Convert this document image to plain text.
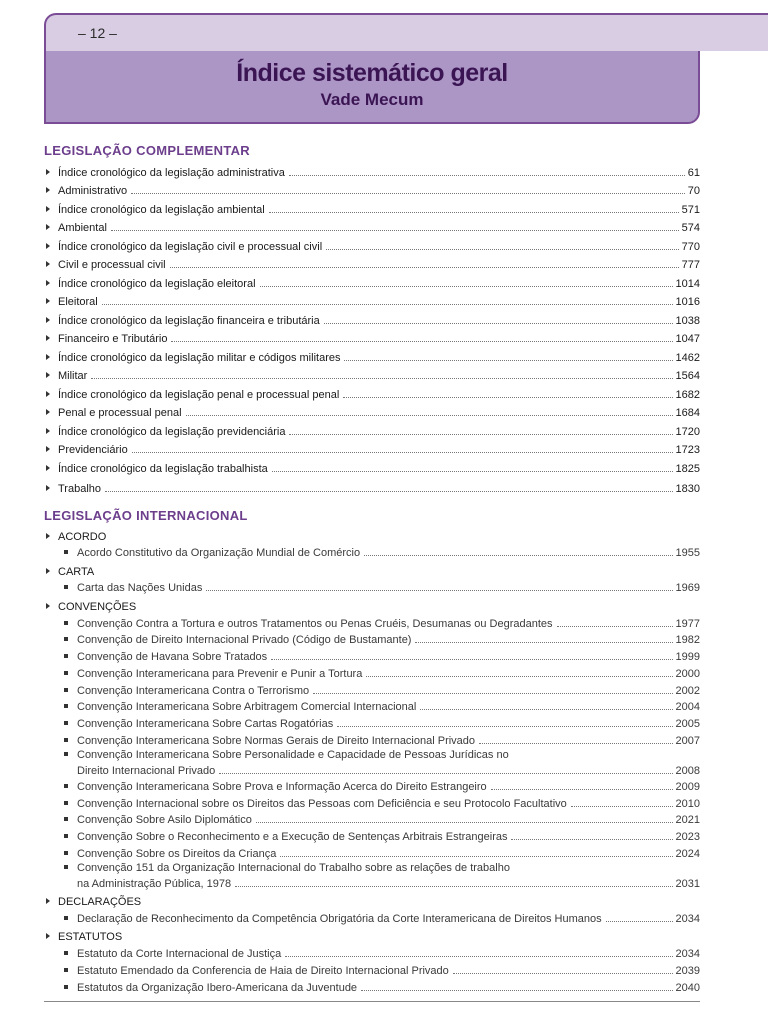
– 12 –
Índice sistemático geral
Vade Mecum
LEGISLAÇÃO COMPLEMENTAR
Índice cronológico da legislação administrativa	61
Administrativo	70
Índice cronológico da legislação ambiental	571
Ambiental	574
Índice cronológico da legislação civil e processual civil	770
Civil e processual civil	777
Índice cronológico da legislação eleitoral	1014
Eleitoral	1016
Índice cronológico da legislação financeira e tributária	1038
Financeiro e Tributário	1047
Índice cronológico da legislação militar e códigos militares	1462
Militar	1564
Índice cronológico da legislação penal e processual penal	1682
Penal e processual penal	1684
Índice cronológico da legislação previdenciária	1720
Previdenciário	1723
Índice cronológico da legislação trabalhista	1825
Trabalho	1830
LEGISLAÇÃO INTERNACIONAL
ACORDO
Acordo Constitutivo da Organização Mundial de Comércio	1955
CARTA
Carta das Nações Unidas	1969
CONVENÇÕES
Convenção Contra a Tortura e outros Tratamentos ou Penas Cruéis, Desumanas ou Degradantes	1977
Convenção de Direito Internacional Privado (Código de Bustamante)	1982
Convenção de Havana Sobre Tratados	1999
Convenção Interamericana para Prevenir e Punir a Tortura	2000
Convenção Interamericana Contra o Terrorismo	2002
Convenção Interamericana Sobre Arbitragem Comercial Internacional	2004
Convenção Interamericana Sobre Cartas Rogatórias	2005
Convenção Interamericana Sobre Normas Gerais de Direito Internacional Privado	2007
Convenção Interamericana Sobre Personalidade e Capacidade de Pessoas Jurídicas no
Direito Internacional Privado	2008
Convenção Interamericana Sobre Prova e Informação Acerca do Direito Estrangeiro	2009
Convenção Internacional sobre os Direitos das Pessoas com Deficiência e seu Protocolo Facultativo	2010
Convenção Sobre Asilo Diplomático	2021
Convenção Sobre o Reconhecimento e a Execução de Sentenças Arbitrais Estrangeiras	2023
Convenção Sobre os Direitos da Criança	2024
Convenção 151 da Organização Internacional do Trabalho sobre as relações de trabalho
na Administração Pública, 1978	2031
DECLARAÇÕES
Declaração de Reconhecimento da Competência Obrigatória da Corte Interamericana de Direitos Humanos	2034
ESTATUTOS
Estatuto da Corte Internacional de Justiça	2034
Estatuto Emendado da Conferencia de Haia de Direito Internacional Privado	2039
Estatutos da Organização Ibero-Americana da Juventude	2040
